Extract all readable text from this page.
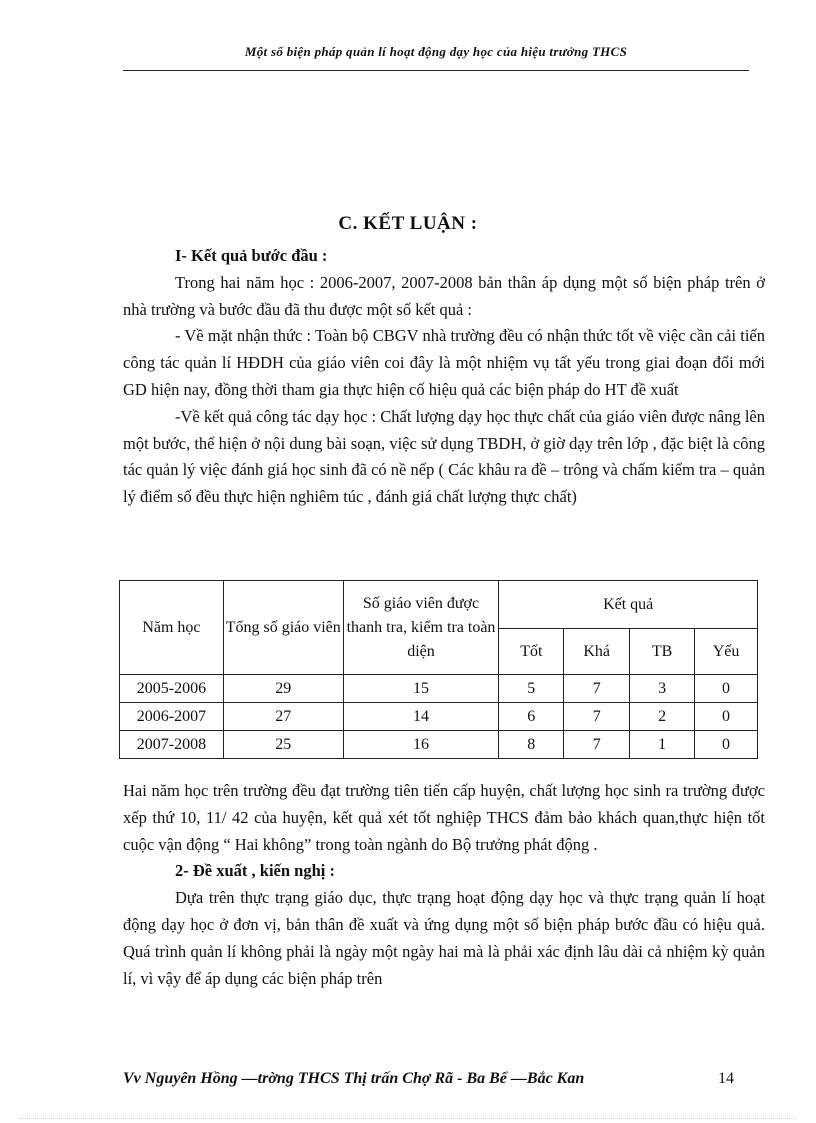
Một số biện pháp quản lí hoạt động dạy học của hiệu trưởng THCS
C. KẾT LUẬN :

I- Kết quả bước đầu :

Trong hai năm học : 2006-2007, 2007-2008 bản thân áp dụng một số biện pháp trên ở nhà trường và bước đầu đã thu được một số kết quả :

- Về mặt nhận thức : Toàn bộ CBGV nhà trường đều có nhận thức tốt về việc cần cải tiến công tác quản lí HĐDH của giáo viên coi đây là một nhiệm vụ tất yếu trong giai đoạn đổi mới GD hiện nay, đồng thời tham gia thực hiện cố hiệu quả các biện pháp do HT đề xuất

-Về kết quả công tác dạy học : Chất lượng dạy học thực chất của giáo viên được nâng lên một bước, thể hiện ở nội dung bài soạn, việc sử dụng TBDH, ở giờ dạy trên lớp , đặc biệt là công tác quản lý việc đánh giá học sinh đã có nề nếp ( Các khâu ra đề – trông và chấm kiểm tra – quản lý điểm số đều thực hiện nghiêm túc , đánh giá chất lượng thực chất)

Năm học	Tổng số giáo viên	Số giáo viên được thanh tra, kiểm tra toàn diện	Kết quả			
			Tốt	Khá	TB	Yếu
2005-2006	29	15	5	7	3	0
2006-2007	27	14	6	7	2	0
2007-2008	25	16	8	7	1	0

Hai năm học trên trường đều đạt trường tiên tiến cấp huyện, chất lượng học sinh ra trường được xếp thứ 10, 11/ 42 của huyện, kết quả xét tốt nghiệp THCS đảm bảo khách quan,thực hiện tốt cuộc vận động “ Hai không” trong toàn ngành do Bộ trưởng phát động .

2- Đề xuất , kiến nghị :

Dựa trên thực trạng giáo dục, thực trạng hoạt động dạy học và thực trạng quản lí hoạt động dạy học ở đơn vị, bản thân đề xuất và ứng dụng một số biện pháp bước đầu có hiệu quả. Quá trình quản lí không phải là ngày một ngày hai mà là phải xác định lâu dài cả nhiệm kỳ quản lí, vì vậy để áp dụng các biện pháp trên

Vv Nguyên Hồng —trờng THCS Thị trấn Chợ Rã - Ba Bể —Bắc Kan	14
